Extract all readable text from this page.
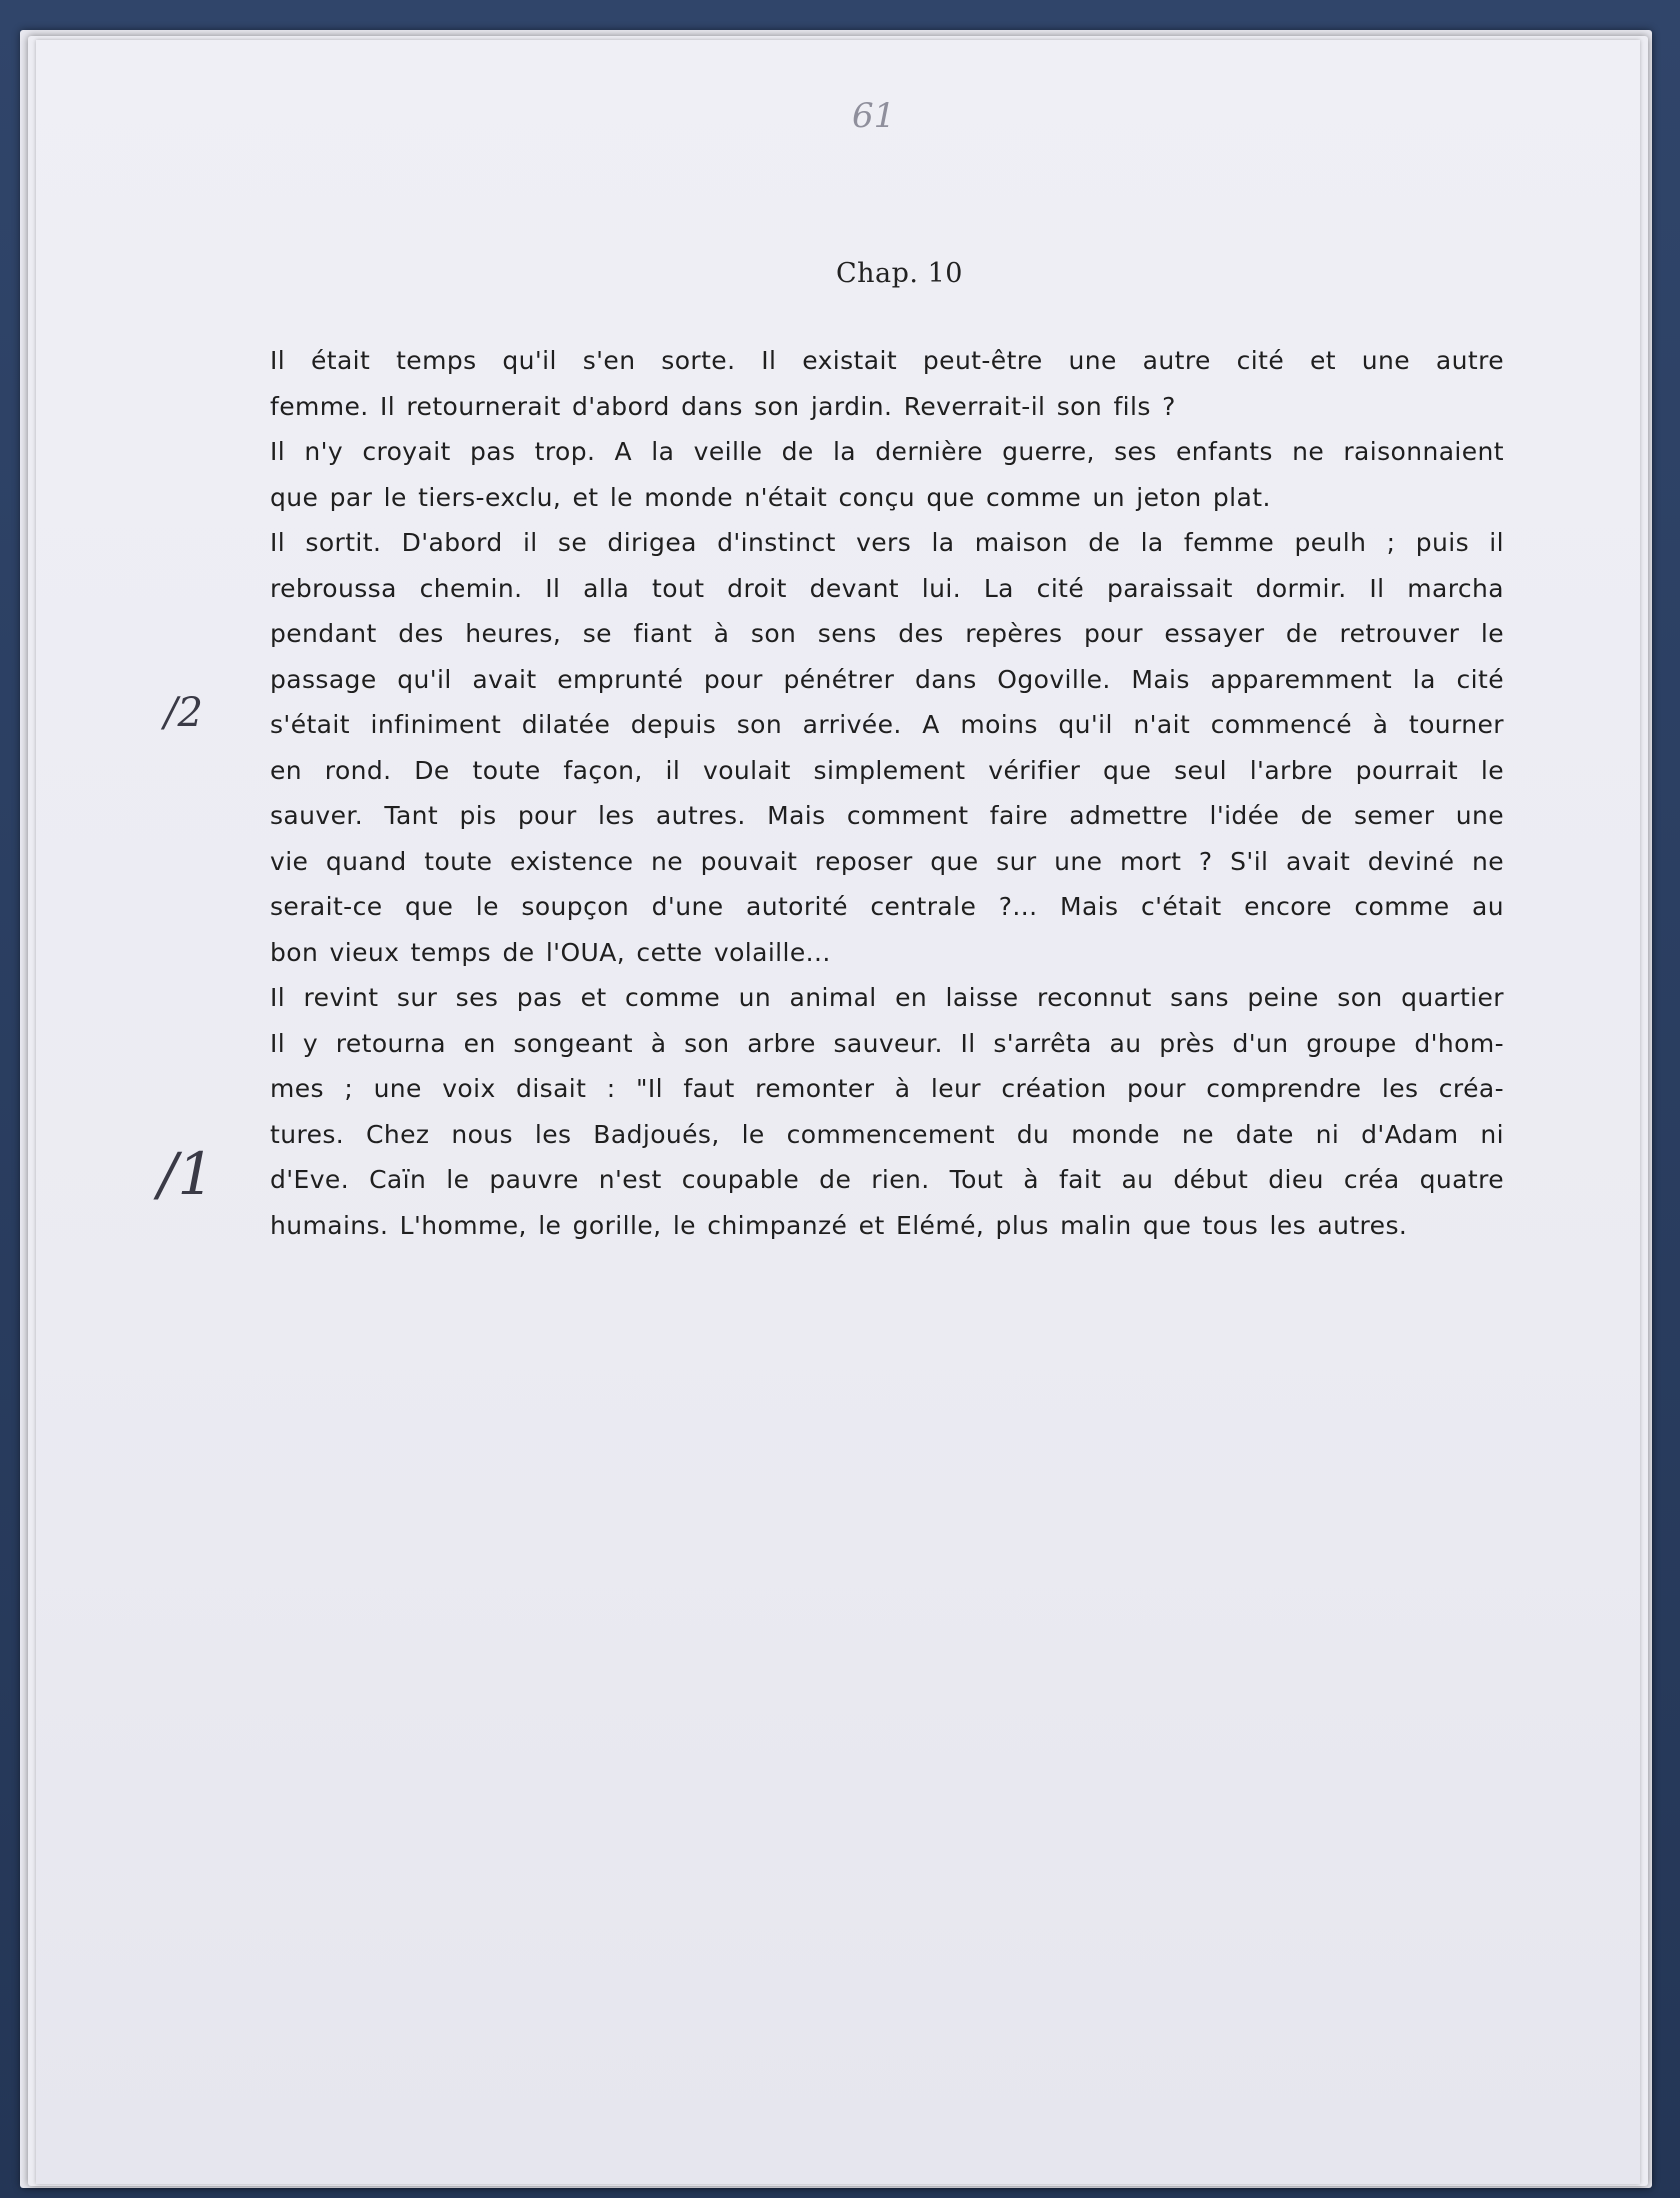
61
Chap. 10
/2
/1
Il était temps qu'il s'en sorte. Il existait peut-être une autre cité et une autre
femme. Il retournerait d'abord dans son jardin. Reverrait-il son fils ?
Il n'y croyait pas trop. A la veille de la dernière guerre, ses enfants ne raisonnaient
que par le tiers-exclu, et le monde n'était conçu que comme un jeton plat.
Il sortit. D'abord il se dirigea d'instinct vers la maison de la femme peulh ; puis il
rebroussa chemin. Il alla tout droit devant lui. La cité paraissait dormir. Il marcha
pendant des heures, se fiant à son sens des repères pour essayer de retrouver le
passage qu'il avait emprunté pour pénétrer dans Ogoville. Mais apparemment la cité
s'était infiniment dilatée depuis son arrivée. A moins qu'il n'ait commencé à tourner
en rond. De toute façon, il voulait simplement vérifier que seul l'arbre pourrait le
sauver. Tant pis pour les autres. Mais comment faire admettre l'idée de semer une
vie quand toute existence ne pouvait reposer que sur une mort ? S'il avait deviné ne
serait-ce que le soupçon d'une autorité centrale ?... Mais c'était encore comme au
bon vieux temps de l'OUA, cette volaille...
Il revint sur ses pas et comme un animal en laisse reconnut sans peine son quartier
Il y retourna en songeant à son arbre sauveur. Il s'arrêta au près d'un groupe d'hom-
mes ; une voix disait : "Il faut remonter à leur création pour comprendre les créa-
tures. Chez nous les Badjoués, le commencement du monde ne date ni d'Adam ni
d'Eve. Caïn le pauvre n'est coupable de rien. Tout à fait au début dieu créa quatre
humains. L'homme, le gorille, le chimpanzé et Elémé, plus malin que tous les autres.
